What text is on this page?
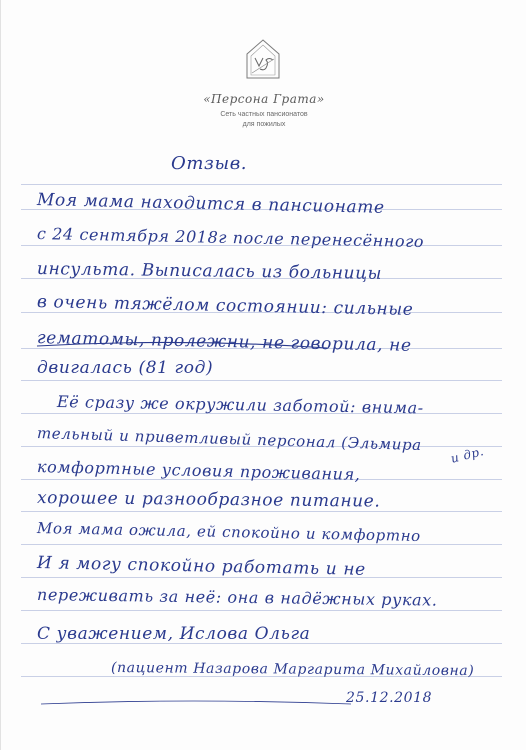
«Персона Грата»
Сеть частных пансионатов
для пожилых
Отзыв.
Моя мама находится в пансионате
с 24 сентября 2018г после перенесённого
инсульта. Выписалась из больницы
в очень тяжёлом состоянии: сильные
гематомы, пролежни, не говорила, не
двигалась (81 год)
Её сразу же окружили заботой: внима-
тельный и приветливый персонал (Эльмира
комфортные условия проживания,
хорошее и разнообразное питание.
Моя мама ожила, ей спокойно и комфортно
И я могу спокойно работать и не
переживать за неё: она в надёжных руках.
С уважением, Ислова Ольга
(пациент Назарова Маргарита Михайловна)
и др.
25.12.2018
